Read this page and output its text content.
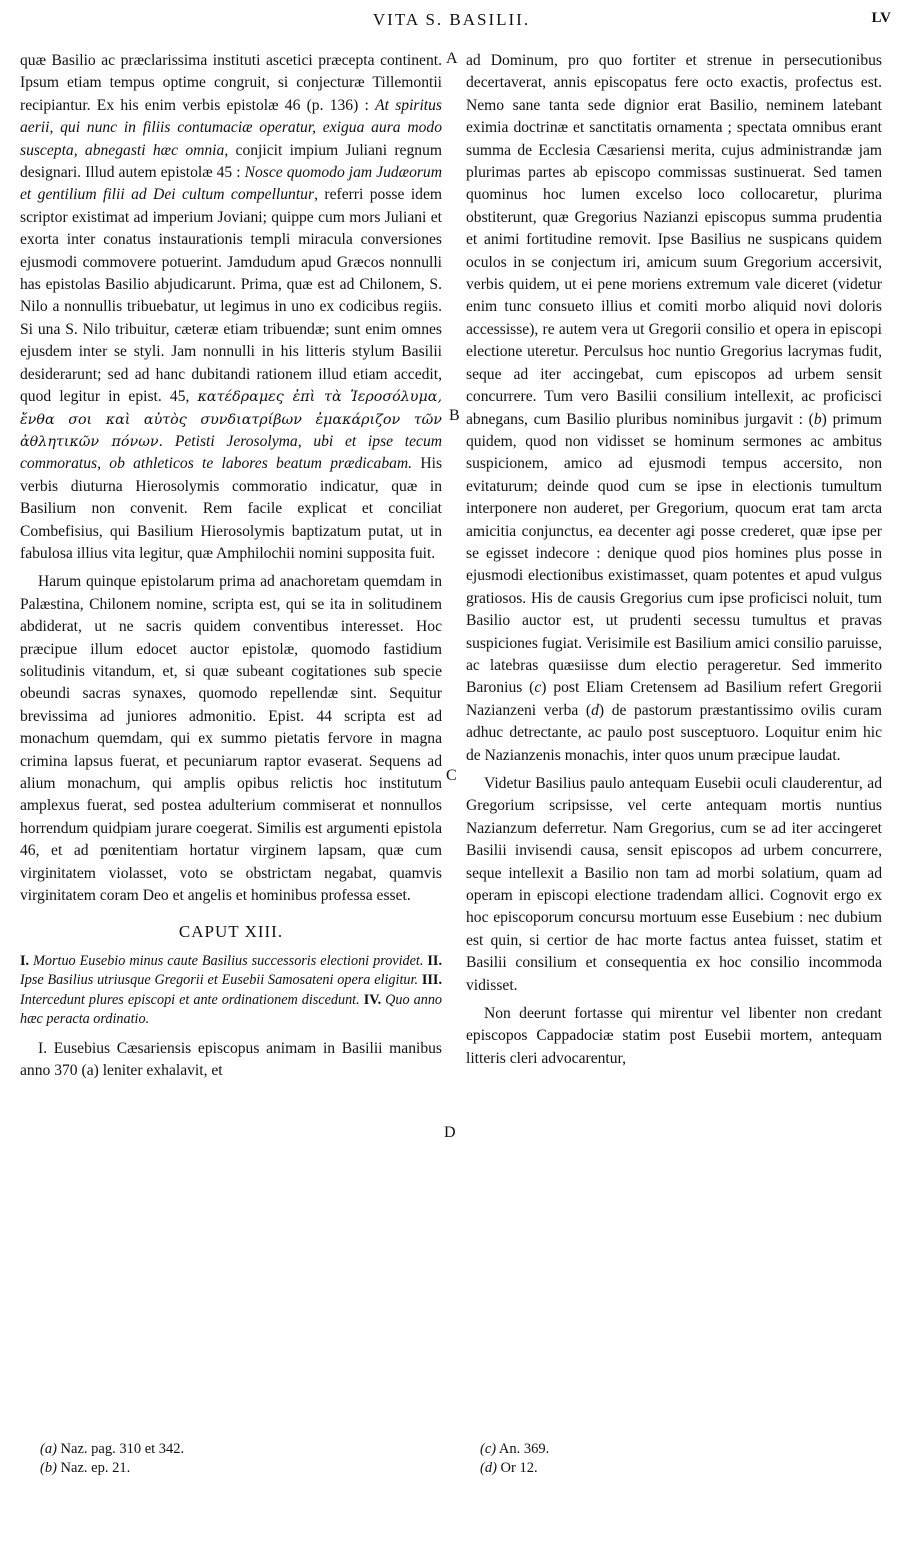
VITA S. BASILII.	LV
A
B
C
D

quæ Basilio ac præclarissima instituti ascetici præcepta continent. Ipsum etiam tempus optime congruit, si conjecturæ Tillemontii recipiantur. Ex his enim verbis epistolæ 46 (p. 136) : At spiritus aerii, qui nunc in filiis contumaciæ operatur, exigua aura modo suscepta, abnegasti hæc omnia, conjicit impium Juliani regnum designari. Illud autem epistolæ 45 : Nosce quomodo jam Judæorum et gentilium filii ad Dei cultum compelluntur, referri posse idem scriptor existimat ad imperium Joviani; quippe cum mors Juliani et exorta inter conatus instaurationis templi miracula conversiones ejusmodi commovere potuerint. Jamdudum apud Græcos nonnulli has epistolas Basilio abjudicarunt. Prima, quæ est ad Chilonem, S. Nilo a nonnullis tribuebatur, ut legimus in uno ex codicibus regiis. Si una S. Nilo tribuitur, cæteræ etiam tribuendæ; sunt enim omnes ejusdem inter se styli. Jam nonnulli in his litteris stylum Basilii desiderarunt; sed ad hanc dubitandi rationem illud etiam accedit, quod legitur in epist. 45, κατέδραμες ἐπὶ τὰ Ἱεροσόλυμα, ἔνθα σοι καὶ αὐτὸς συνδιατρίβων ἐμακάριζον τῶν ἀθλητικῶν πόνων. Petisti Jerosolyma, ubi et ipse tecum commoratus, ob athleticos te labores beatum prædicabam. His verbis diuturna Hierosolymis commoratio indicatur, quæ in Basilium non convenit. Rem facile explicat et conciliat Combefisius, qui Basilium Hierosolymis baptizatum putat, ut in fabulosa illius vita legitur, quæ Amphilochii nomini supposita fuit.

Harum quinque epistolarum prima ad anachoretam quemdam in Palæstina, Chilonem nomine, scripta est, qui se ita in solitudinem abdiderat, ut ne sacris quidem conventibus interesset. Hoc præcipue illum edocet auctor epistolæ, quomodo fastidium solitudinis vitandum, et, si quæ subeant cogitationes sub specie obeundi sacras synaxes, quomodo repellendæ sint. Sequitur brevissima ad juniores admonitio. Epist. 44 scripta est ad monachum quemdam, qui ex summo pietatis fervore in magna crimina lapsus fuerat, et pecuniarum raptor evaserat. Sequens ad alium monachum, qui amplis opibus relictis hoc institutum amplexus fuerat, sed postea adulterium commiserat et nonnullos horrendum quidpiam jurare coegerat. Similis est argumenti epistola 46, et ad pœnitentiam hortatur virginem lapsam, quæ cum virginitatem violasset, voto se obstrictam negabat, quamvis virginitatem coram Deo et angelis et hominibus professa esset.

CAPUT XIII.

I. Mortuo Eusebio minus caute Basilius successoris electioni providet. II. Ipse Basilius utriusque Gregorii et Eusebii Samosateni opera eligitur. III. Intercedunt plures episcopi et ante ordinationem discedunt. IV. Quo anno hæc peracta ordinatio.

I. Eusebius Cæsariensis episcopus animam in Basilii manibus anno 370 (a) leniter exhalavit, et

ad Dominum, pro quo fortiter et strenue in persecutionibus decertaverat, annis episcopatus fere octo exactis, profectus est. Nemo sane tanta sede dignior erat Basilio, neminem latebant eximia doctrinæ et sanctitatis ornamenta ; spectata omnibus erant summa de Ecclesia Cæsariensi merita, cujus administrandæ jam plurimas partes ab episcopo commissas sustinuerat. Sed tamen quominus hoc lumen excelso loco collocaretur, plurima obstiterunt, quæ Gregorius Nazianzi episcopus summa prudentia et animi fortitudine removit. Ipse Basilius ne suspicans quidem oculos in se conjectum iri, amicum suum Gregorium accersivit, verbis quidem, ut ei pene moriens extremum vale diceret (videtur enim tunc consueto illius et comiti morbo aliquid novi doloris accessisse), re autem vera ut Gregorii consilio et opera in episcopi electione uteretur. Perculsus hoc nuntio Gregorius lacrymas fudit, seque ad iter accingebat, cum episcopos ad urbem sensit concurrere. Tum vero Basilii consilium intellexit, ac proficisci abnegans, cum Basilio pluribus nominibus jurgavit : (b) primum quidem, quod non vidisset se hominum sermones ac ambitus suspicionem, amico ad ejusmodi tempus accersito, non evitaturum; deinde quod cum se ipse in electionis tumultum interponere non auderet, per Gregorium, quocum erat tam arcta amicitia conjunctus, ea decenter agi posse crederet, quæ ipse per se egisset indecore : denique quod pios homines plus posse in ejusmodi electionibus existimasset, quam potentes et apud vulgus gratiosos. His de causis Gregorius cum ipse proficisci noluit, tum Basilio auctor est, ut prudenti secessu tumultus et pravas suspiciones fugiat. Verisimile est Basilium amici consilio paruisse, ac latebras quæsiisse dum electio perageretur. Sed immerito Baronius (c) post Eliam Cretensem ad Basilium refert Gregorii Nazianzeni verba (d) de pastorum præstantissimo ovilis curam adhuc detrectante, ac paulo post susceptuoro. Loquitur enim hic de Nazianzenis monachis, inter quos unum præcipue laudat.

Videtur Basilius paulo antequam Eusebii oculi clauderentur, ad Gregorium scripsisse, vel certe antequam mortis nuntius Nazianzum deferretur. Nam Gregorius, cum se ad iter accingeret Basilii invisendi causa, sensit episcopos ad urbem concurrere, seque intellexit a Basilio non tam ad morbi solatium, quam ad operam in episcopi electione tradendam allici. Cognovit ergo ex hoc episcoporum concursu mortuum esse Eusebium : nec dubium est quin, si certior de hac morte factus antea fuisset, statim et Basilii consilium et consequentia ex hoc consilio incommoda vidisset.

Non deerunt fortasse qui mirentur vel libenter non credant episcopos Cappadociæ statim post Eusebii mortem, antequam litteris cleri advocarentur,

(a) Naz. pag. 310 et 342.
(b) Naz. ep. 21.
(c) An. 369.
(d) Or 12.
